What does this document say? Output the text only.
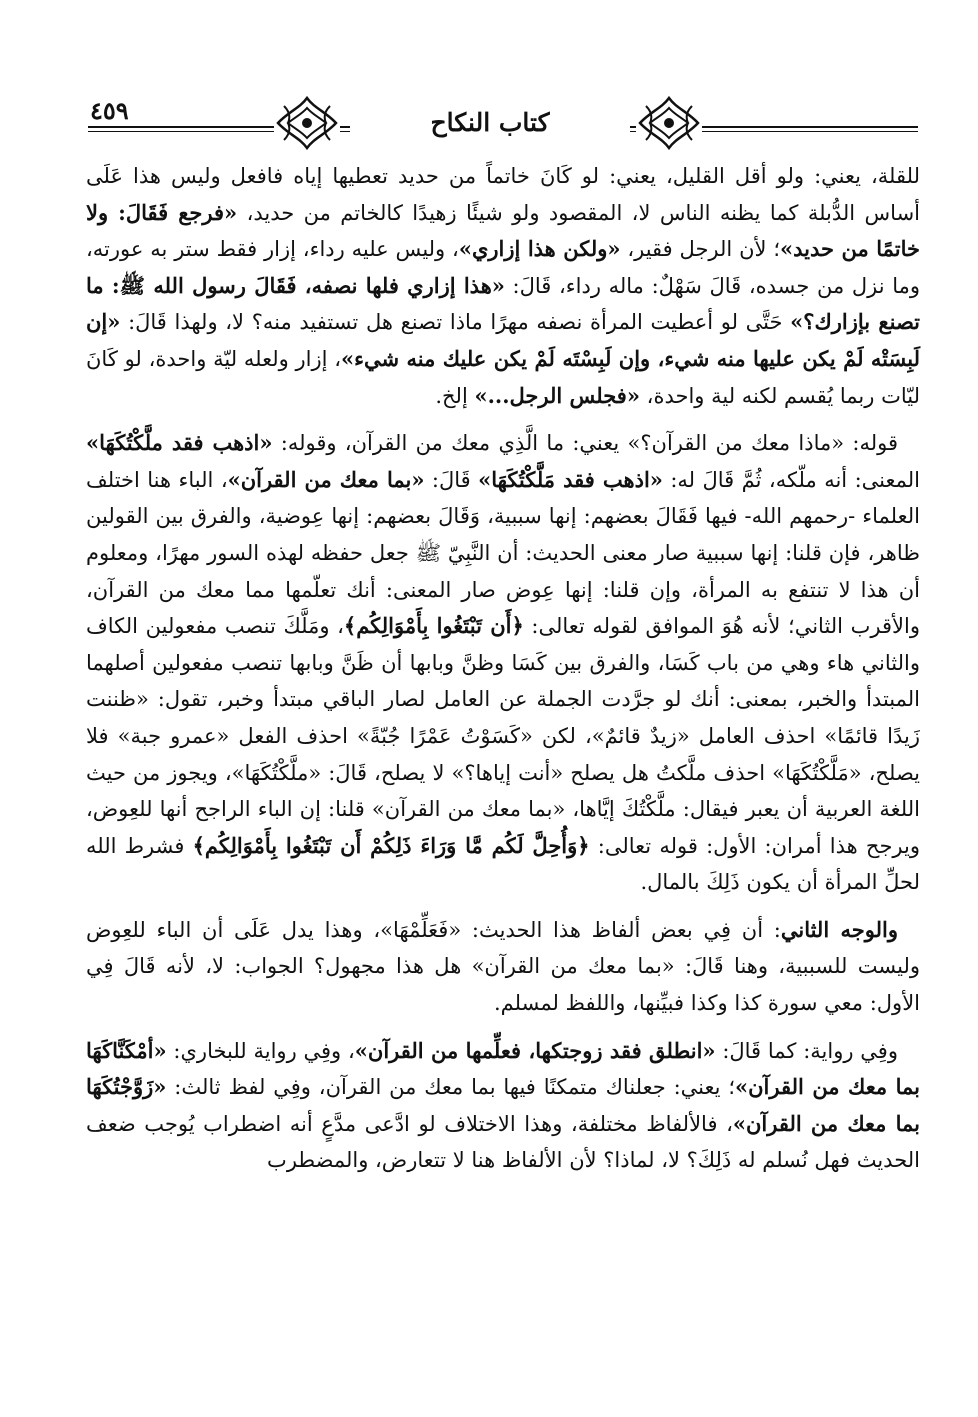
٤٥٩	كتاب النكاح

للقلة، يعني: ولو أقل القليل، يعني: لو كَانَ خاتماً من حديد تعطيها إياه فافعل وليس هذا عَلَى أساس الدُّبلة كما يظنه الناس لا، المقصود ولو شيئًا زهيدًا كالخاتم من حديد، «فرجع فَقَالَ: ولا خاتمًا من حديد»؛ لأن الرجل فقير، «ولكن هذا إزاري»، وليس عليه رداء، إزار فقط ستر به عورته، وما نزل من جسده، قَالَ سَهْلٌ: ماله رداء، قَالَ: «هذا إزاري فلها نصفه، فَقَالَ رسول الله ﷺ: ما تصنع بإزارك؟» حَتَّى لو أعطيت المرأة نصفه مهرًا ماذا تصنع هل تستفيد منه؟ لا، ولهذا قَالَ: «إن لَبِسَتْه لَمْ يكن عليها منه شيء، وإن لَبِسْتَه لَمْ يكن عليك منه شيء»، إزار ولعله ليّة واحدة، لو كَانَ ليّات ربما يُقسم لكنه لية واحدة، «فجلس الرجل...» إلخ.

قوله: «ماذا معك من القرآن؟» يعني: ما الَّذِي معك من القرآن، وقوله: «اذهب فقد ملَّكْتُكَهَا» المعنى: أنه ملّكه، ثُمَّ قَالَ له: «اذهب فقد مَلَّكْتُكَهَا» قَالَ: «بما معك من القرآن»، الباء هنا اختلف العلماء -رحمهم الله- فيها فَقَالَ بعضهم: إنها سببية، وَقَالَ بعضهم: إنها عِوضية، والفرق بين القولين ظاهر، فإن قلنا: إنها سببية صار معنى الحديث: أن النَّبِيّ ﷺ جعل حفظه لهذه السور مهرًا، ومعلوم أن هذا لا تنتفع به المرأة، وإن قلنا: إنها عِوض صار المعنى: أنك تعلّمها مما معك من القرآن، والأقرب الثاني؛ لأنه هُوَ الموافق لقوله تعالى: ﴿أَن تَبْتَغُوا بِأَمْوَالِكُم﴾، ومَلَّكَ تنصب مفعولين الكاف والثاني هاء وهي من باب كَسَا، والفرق بين كَسَا وظنَّ وبابها أن ظَنَّ وبابها تنصب مفعولين أصلهما المبتدأ والخبر، بمعنى: أنك لو جرَّدت الجملة عن العامل لصار الباقي مبتدأ وخبر، تقول: «ظننت زَيدًا قائمًا» احذف العامل «زيدٌ قائمٌ»، لكن «كَسَوْتُ عَمْرًا جُبّةً» احذف الفعل «عمرو جبة» فلا يصلح، «مَلَّكْتُكَهَا» احذف ملَّكتُ هل يصلح «أنت إياها؟» لا يصلح، قَالَ: «ملَّكْتُكَهَا»، ويجوز من حيث اللغة العربية أن يعبر فيقال: ملَّكْتُكَ إيَّاها، «بما معك من القرآن» قلنا: إن الباء الراجح أنها للعِوض، ويرجح هذا أمران: الأول: قوله تعالى: ﴿وَأُحِلَّ لَكُم مَّا وَرَاءَ ذَلِكُمْ أَن تَبْتَغُوا بِأَمْوَالِكُم﴾ فشرط الله لحلِّ المرأة أن يكون ذَلِكَ بالمال.

والوجه الثاني: أن فِي بعض ألفاظ هذا الحديث: «فَعَلِّمْهَا»، وهذا يدل عَلَى أن الباء للعِوض وليست للسببية، وهنا قَالَ: «بما معك من القرآن» هل هذا مجهول؟ الجواب: لا، لأنه قَالَ فِي الأول: معي سورة كذا وكذا فبيِّنها، واللفظ لمسلم.

وفِي رواية: كما قَالَ: «انطلق فقد زوجتكها، فعلِّمها من القرآن»، وفِي رواية للبخاري: «أمْكَنَّاكَهَا بما معك من القرآن»؛ يعني: جعلناك متمكنًا فيها بما معك من القرآن، وفِي لفظ ثالث: «زَوَّجْتُكَهَا بما معك من القرآن»، فالألفاظ مختلفة، وهذا الاختلاف لو ادَّعى مدَّعٍ أنه اضطراب يُوجب ضعف الحديث فهل نُسلم له ذَلِكَ؟ لا، لماذا؟ لأن الألفاظ هنا لا تتعارض، والمضطرب
